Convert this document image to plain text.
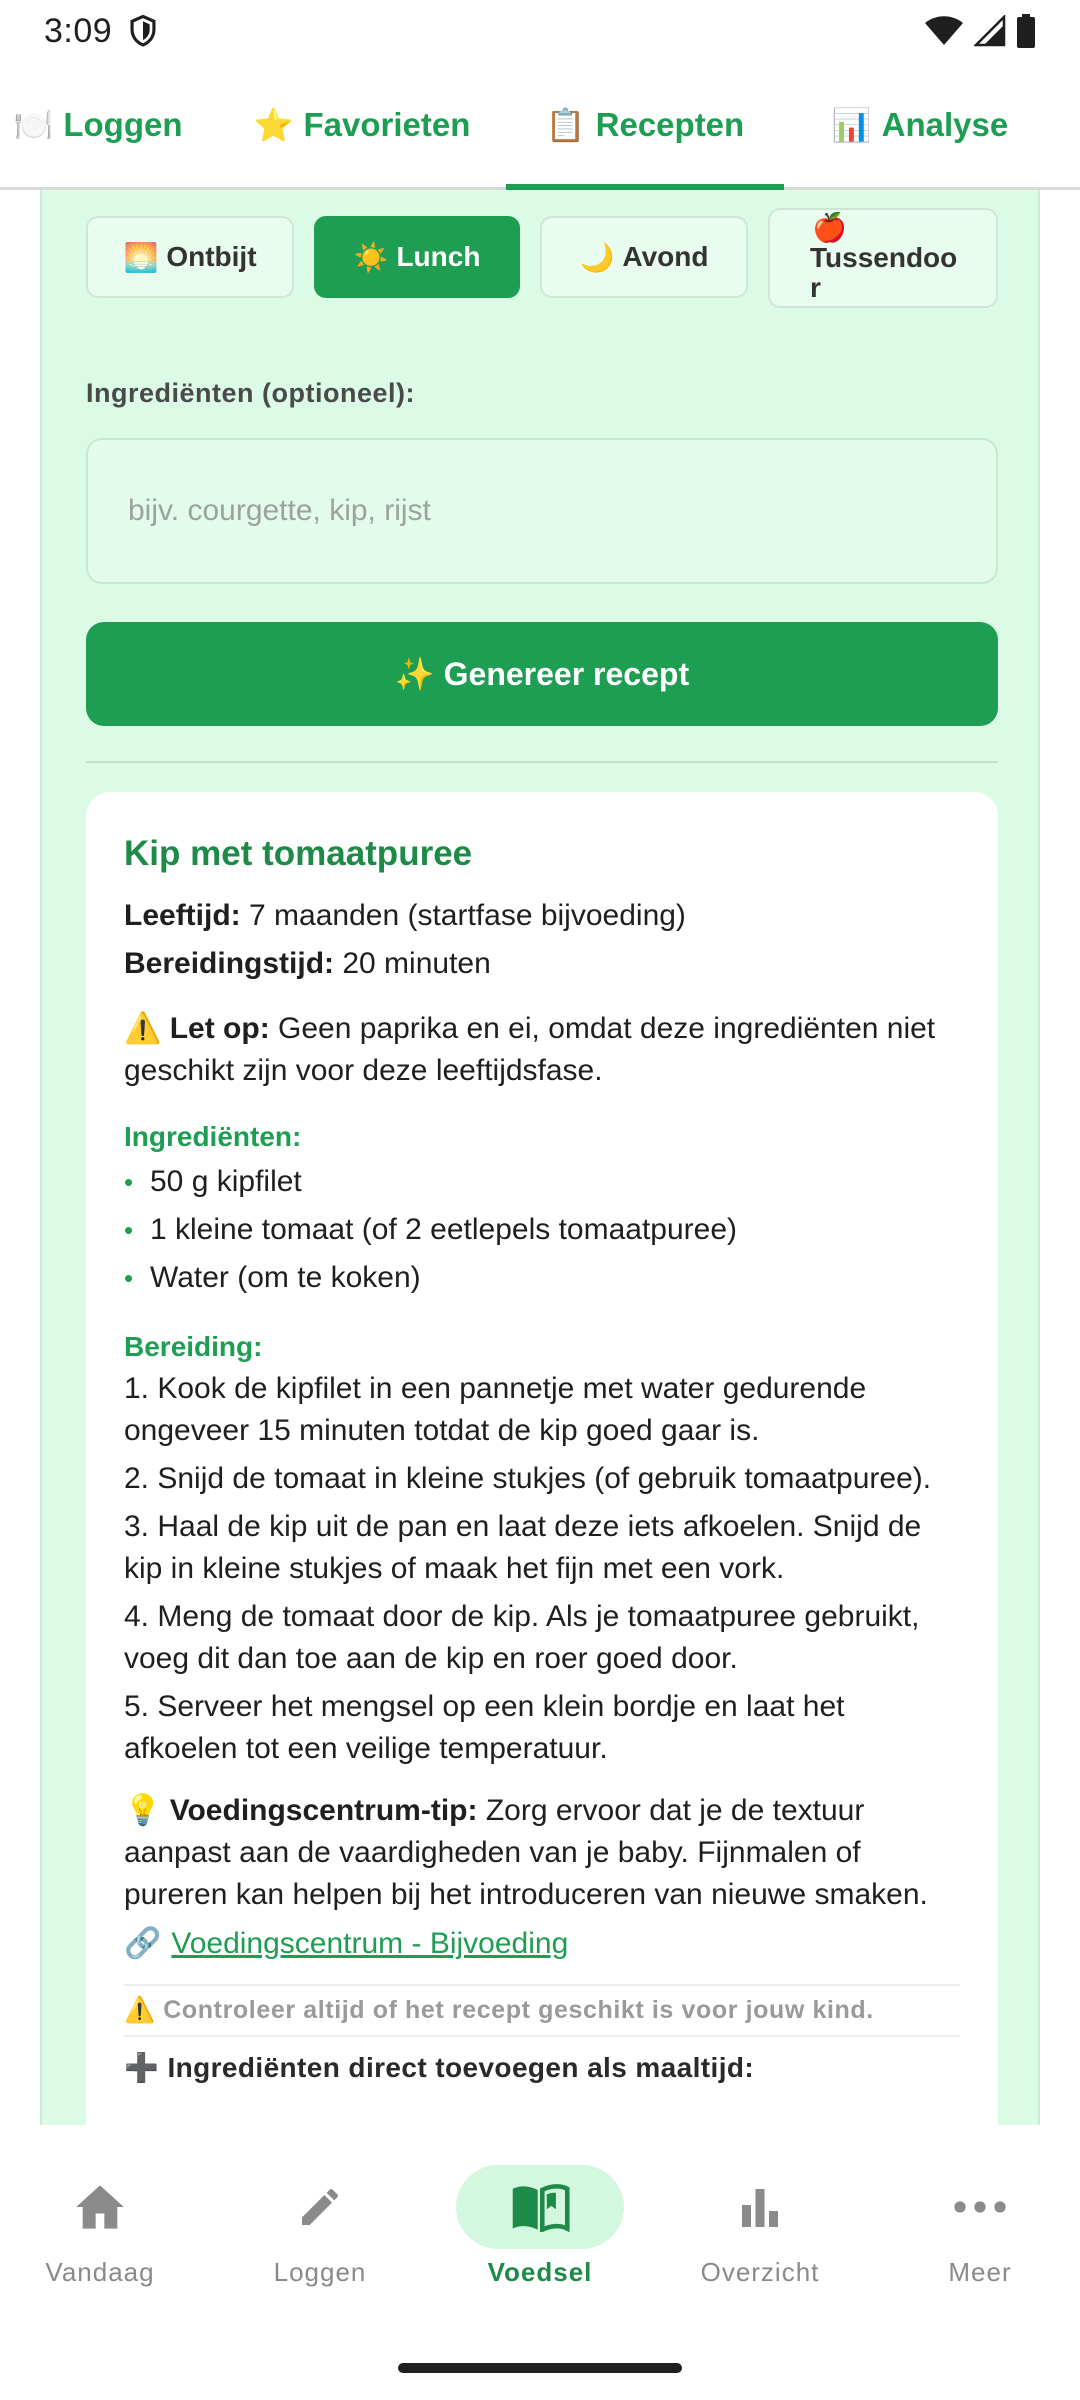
3:09
🍽️ Loggen ⭐ Favorieten 📋 Recepten	📊 Analyse
🌅 Ontbijt	☀️ Lunch	🌙 Avond
🍎
Tussendoo
r
Ingrediënten (optioneel):
bijv. courgette, kip, rijst
✨ Genereer recept
Kip met tomaatpuree
Leeftijd: 7 maanden (startfase bijvoeding)
Bereidingstijd: 20 minuten
⚠️ Let op: Geen paprika en ei, omdat deze ingrediënten niet geschikt zijn voor deze leeftijdsfase.
Ingrediënten:
• 50 g kipfilet
• 1 kleine tomaat (of 2 eetlepels tomaatpuree)
• Water (om te koken)
Bereiding:

1. Kook de kipfilet in een pannetje met water gedurende ongeveer 15 minuten totdat de kip goed gaar is.

2. Snijd de tomaat in kleine stukjes (of gebruik tomaatpuree).

3. Haal de kip uit de pan en laat deze iets afkoelen. Snijd de kip in kleine stukjes of maak het fijn met een vork.

4. Meng de tomaat door de kip. Als je tomaatpuree gebruikt, voeg dit dan toe aan de kip en roer goed door.

5. Serveer het mengsel op een klein bordje en laat het afkoelen tot een veilige temperatuur.

💡 Voedingscentrum-tip: Zorg ervoor dat je de textuur aanpast aan de vaardigheden van je baby. Fijnmalen of pureren kan helpen bij het introduceren van nieuwe smaken.
🔗 Voedingscentrum - Bijvoeding
⚠️ Controleer altijd of het recept geschikt is voor jouw kind.
➕ Ingrediënten direct toevoegen als maaltijd:
Vandaag	Loggen	Voedsel	Overzicht	Meer
